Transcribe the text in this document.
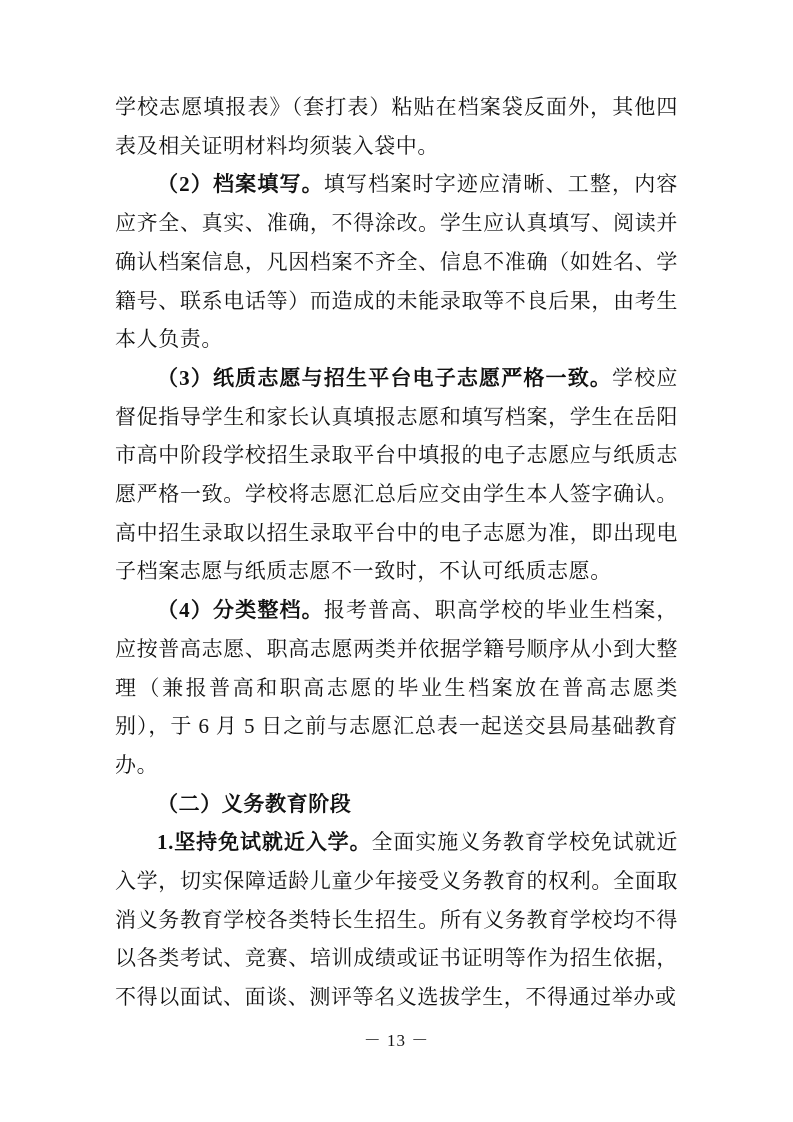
学校志愿填报表》（套打表）粘贴在档案袋反面外，其他四表及相关证明材料均须装入袋中。

（2）档案填写。填写档案时字迹应清晰、工整，内容应齐全、真实、准确，不得涂改。学生应认真填写、阅读并确认档案信息，凡因档案不齐全、信息不准确（如姓名、学籍号、联系电话等）而造成的未能录取等不良后果，由考生本人负责。

（3）纸质志愿与招生平台电子志愿严格一致。学校应督促指导学生和家长认真填报志愿和填写档案，学生在岳阳市高中阶段学校招生录取平台中填报的电子志愿应与纸质志愿严格一致。学校将志愿汇总后应交由学生本人签字确认。高中招生录取以招生录取平台中的电子志愿为准，即出现电子档案志愿与纸质志愿不一致时，不认可纸质志愿。

（4）分类整档。报考普高、职高学校的毕业生档案，应按普高志愿、职高志愿两类并依据学籍号顺序从小到大整理（兼报普高和职高志愿的毕业生档案放在普高志愿类别），于 6 月 5 日之前与志愿汇总表一起送交县局基础教育办。

（二）义务教育阶段

1.坚持免试就近入学。全面实施义务教育学校免试就近入学，切实保障适龄儿童少年接受义务教育的权利。全面取消义务教育学校各类特长生招生。所有义务教育学校均不得以各类考试、竞赛、培训成绩或证书证明等作为招生依据，不得以面试、面谈、测评等名义选拔学生，不得通过举办或

－ 13 －
